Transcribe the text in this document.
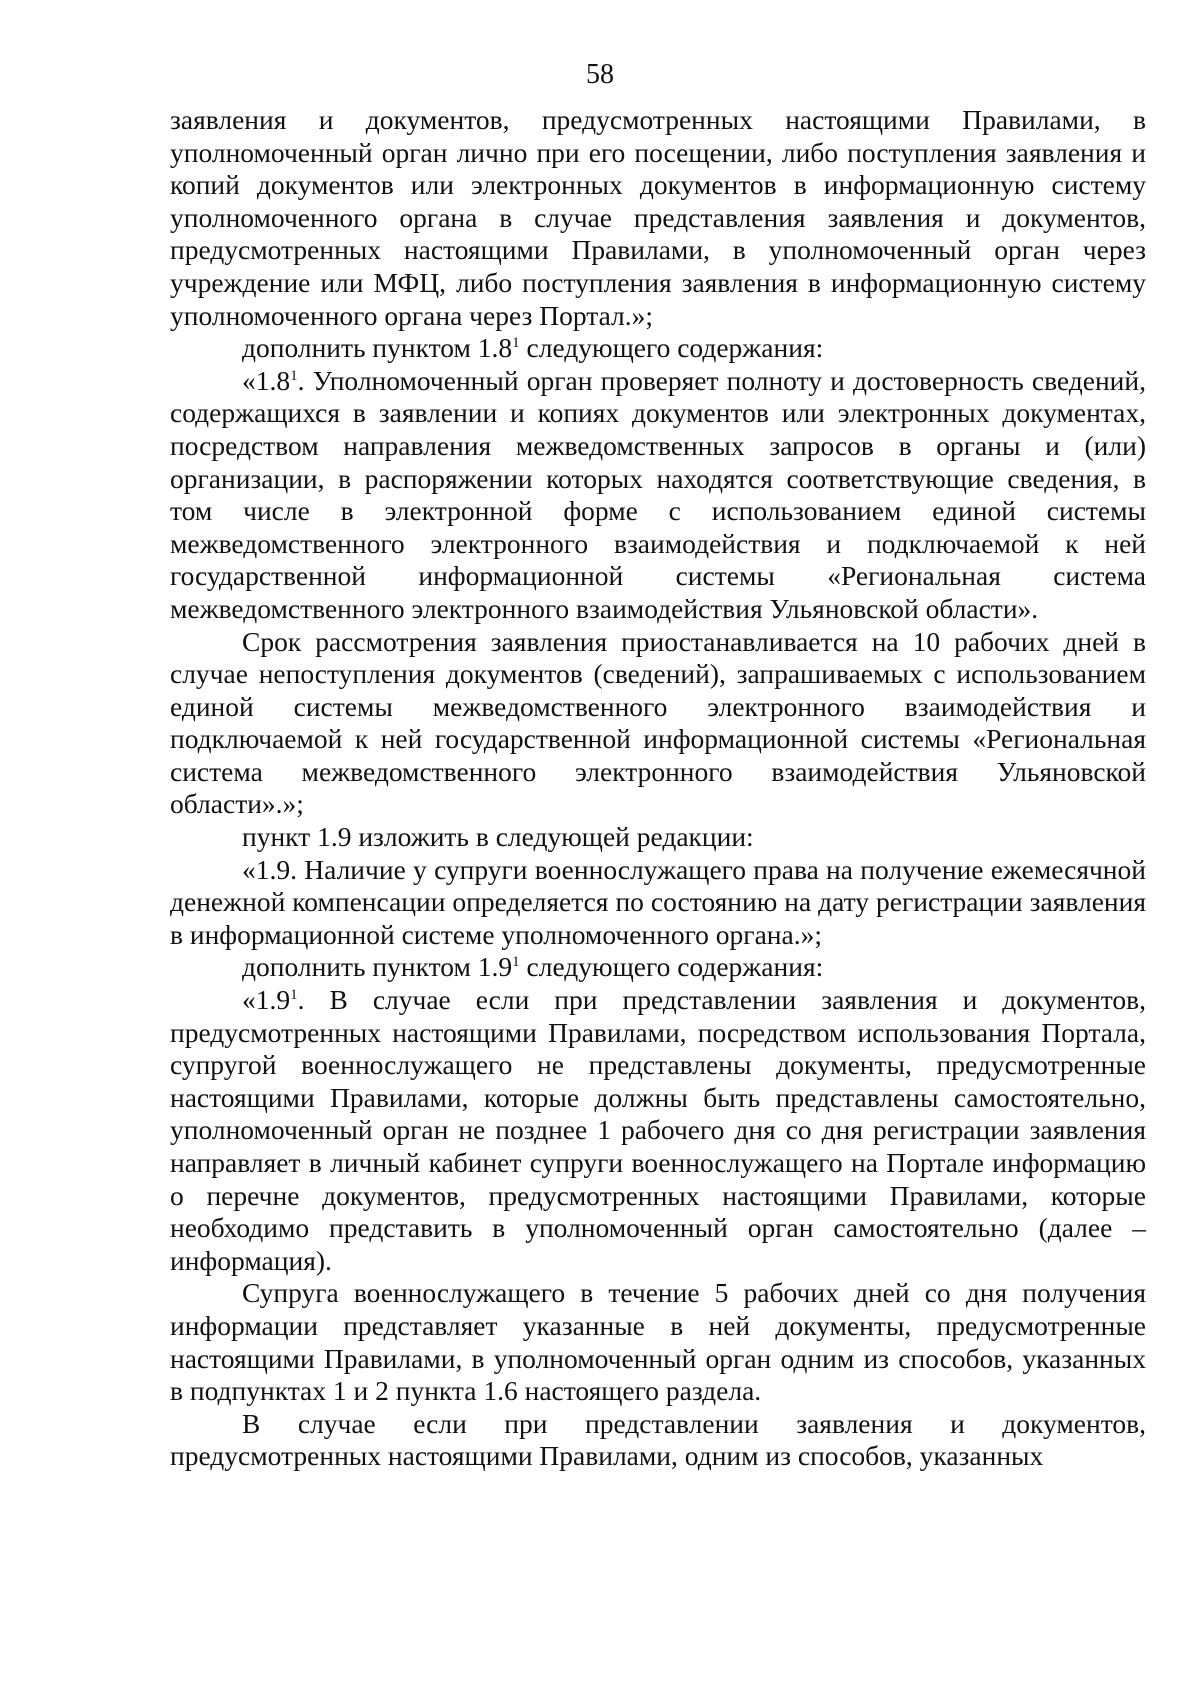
58

заявления и документов, предусмотренных настоящими Правилами, в уполномоченный орган лично при его посещении, либо поступления заявления и копий документов или электронных документов в информационную систему уполномоченного органа в случае представления заявления и документов, предусмотренных настоящими Правилами, в уполномоченный орган через учреждение или МФЦ, либо поступления заявления в информационную систему уполномоченного органа через Портал.»;

дополнить пунктом $1.8^1$ следующего содержания:

«$1.8^1$. Уполномоченный орган проверяет полноту и достоверность сведений, содержащихся в заявлении и копиях документов или электронных документах, посредством направления межведомственных запросов в органы и (или) организации, в распоряжении которых находятся соответствующие сведения, в том числе в электронной форме с использованием единой системы межведомственного электронного взаимодействия и подключаемой к ней государственной информационной системы «Региональная система межведомственного электронного взаимодействия Ульяновской области».

Срок рассмотрения заявления приостанавливается на 10 рабочих дней в случае непоступления документов (сведений), запрашиваемых с использованием единой системы межведомственного электронного взаимодействия и подключаемой к ней государственной информационной системы «Региональная система межведомственного электронного взаимодействия Ульяновской области».»;

пункт 1.9 изложить в следующей редакции:

«1.9. Наличие у супруги военнослужащего права на получение ежемесячной денежной компенсации определяется по состоянию на дату регистрации заявления в информационной системе уполномоченного органа.»;

дополнить пунктом $1.9^1$ следующего содержания:

«$1.9^1$. В случае если при представлении заявления и документов, предусмотренных настоящими Правилами, посредством использования Портала, супругой военнослужащего не представлены документы, предусмотренные настоящими Правилами, которые должны быть представлены самостоятельно, уполномоченный орган не позднее 1 рабочего дня со дня регистрации заявления направляет в личный кабинет супруги военнослужащего на Портале информацию о перечне документов, предусмотренных настоящими Правилами, которые необходимо представить в уполномоченный орган самостоятельно (далее – информация).

Супруга военнослужащего в течение 5 рабочих дней со дня получения информации представляет указанные в ней документы, предусмотренные настоящими Правилами, в уполномоченный орган одним из способов, указанных в подпунктах 1 и 2 пункта 1.6 настоящего раздела.

В случае если при представлении заявления и документов, предусмотренных настоящими Правилами, одним из способов, указанных
